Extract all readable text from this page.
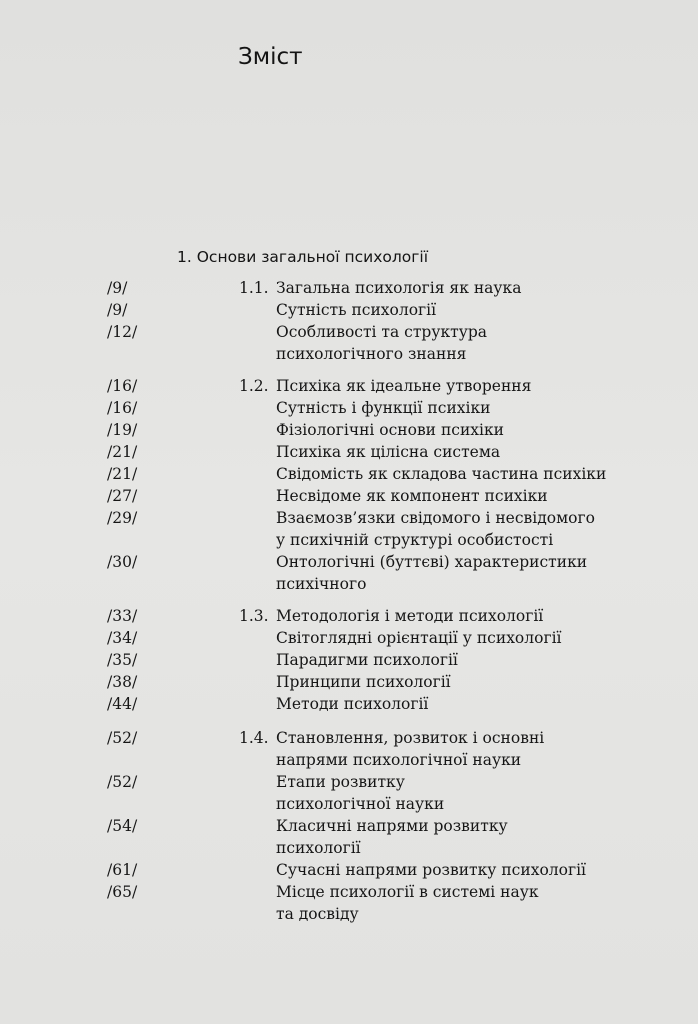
Зміст
1. Основи загальної психології
/9/	1.1. Загальна психологія як наука
/9/	Сутність психології
/12/	Особливості та структура
психологічного знання
/16/	1.2. Психіка як ідеальне утворення
/16/	Сутність і функції психіки
/19/	Фізіологічні основи психіки
/21/	Психіка як цілісна система
/21/	Свідомість як складова частина психіки
/27/	Несвідоме як компонент психіки
/29/	Взаємозв’язки свідомого і несвідомого
у психічній структурі особистості
/30/	Онтологічні (буттєві) характеристики
психічного
/33/	1.3. Методологія і методи психології
/34/	Світоглядні орієнтації у психології
/35/	Парадигми психології
/38/	Принципи психології
/44/	Методи психології
/52/	1.4. Становлення, розвиток і основні
напрями психологічної науки
/52/	Етапи розвитку
психологічної науки
/54/	Класичні напрями розвитку
психології
/61/	Сучасні напрями розвитку психології
/65/	Місце психології в системі наук
та досвіду
